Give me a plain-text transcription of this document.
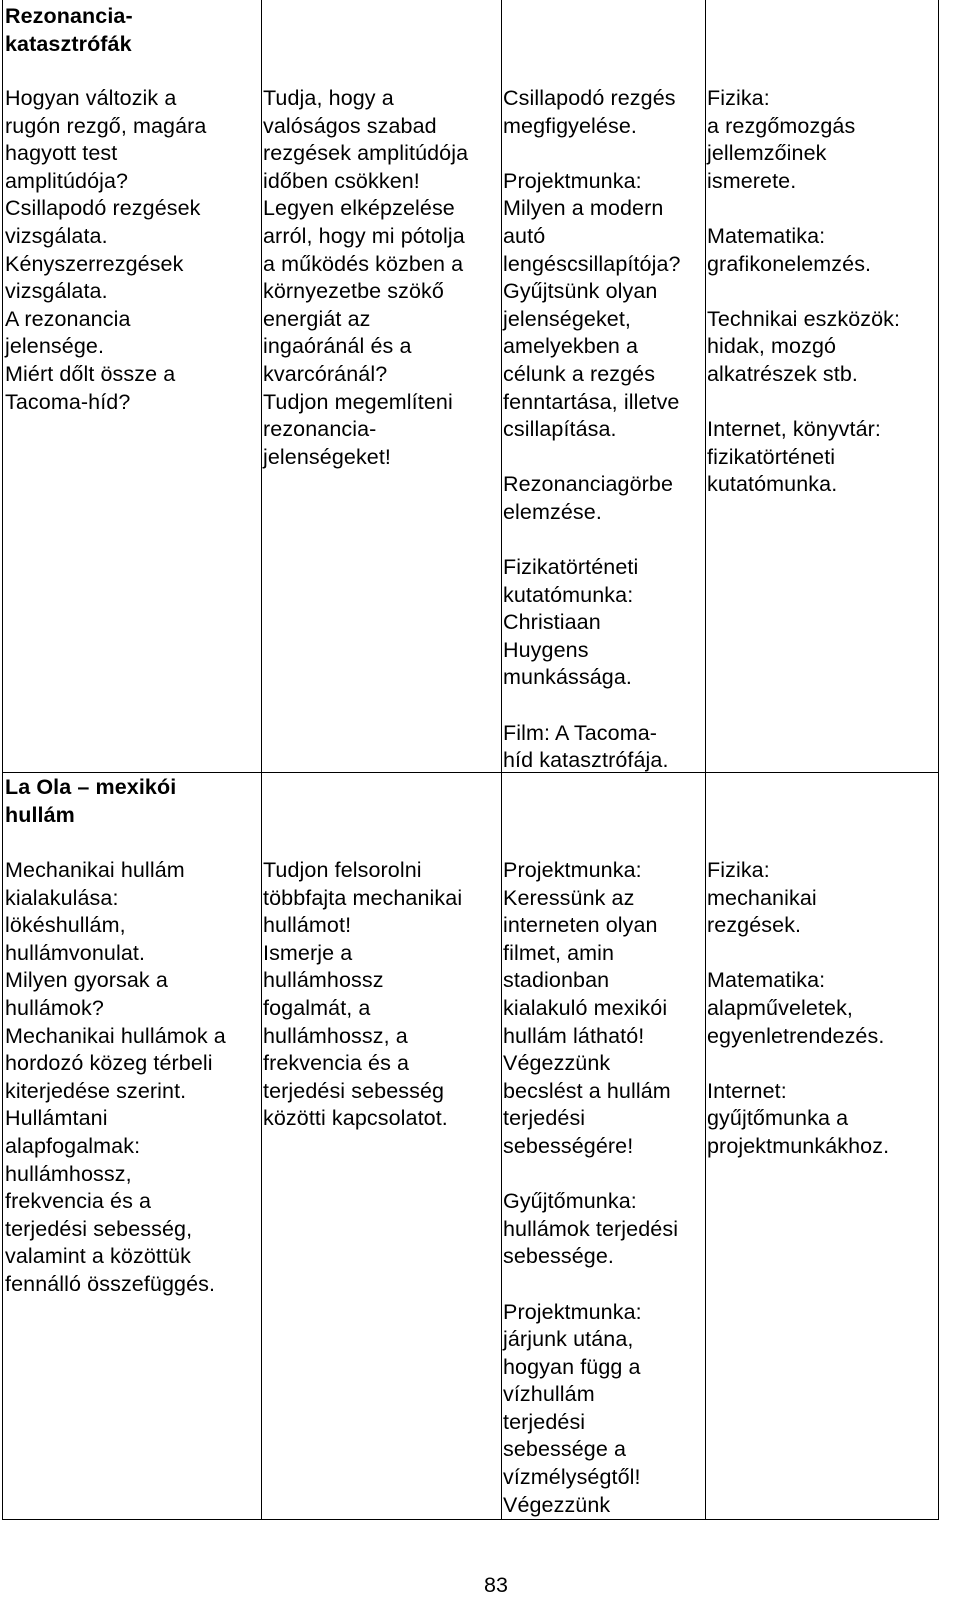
Rezonancia-
katasztrófák
Hogyan változik a
rugón rezgő, magára
hagyott test
amplitúdója?
Csillapodó rezgések
vizsgálata.
Kényszerrezgések
vizsgálata.
A rezonancia
jelensége.
Miért dőlt össze a
Tacoma-híd?
Tudja, hogy a
valóságos szabad
rezgések amplitúdója
időben csökken!
Legyen elképzelése
arról, hogy mi pótolja
a működés közben a
környezetbe szökő
energiát az
ingaóránál és a
kvarcóránál?
Tudjon megemlíteni
rezonancia-
jelenségeket!

Csillapodó rezgés
megfigyelése.

Projektmunka:
Milyen a modern
autó
lengéscsillapítója?
Gyűjtsünk olyan
jelenségeket,
amelyekben a
célunk a rezgés
fenntartása, illetve
csillapítása.

Rezonanciagörbe
elemzése.

Fizikatörténeti
kutatómunka:
Christiaan
Huygens
munkássága.

Film: A Tacoma-
híd katasztrófája.

Fizika:
a rezgőmozgás
jellemzőinek
ismerete.

Matematika:
grafikonelemzés.

Technikai eszközök:
hidak, mozgó
alkatrészek stb.

Internet, könyvtár:
fizikatörténeti
kutatómunka.

La Ola – mexikói
hullám
Mechanikai hullám
kialakulása:
lökéshullám,
hullámvonulat.
Milyen gyorsak a
hullámok?
Mechanikai hullámok a
hordozó közeg térbeli
kiterjedése szerint.
Hullámtani
alapfogalmak:
hullámhossz,
frekvencia és a
terjedési sebesség,
valamint a közöttük
fennálló összefüggés.
Tudjon felsorolni
többfajta mechanikai
hullámot!
Ismerje a
hullámhossz
fogalmát, a
hullámhossz, a
frekvencia és a
terjedési sebesség
közötti kapcsolatot.

Projektmunka:
Keressünk az
interneten olyan
filmet, amin
stadionban
kialakuló mexikói
hullám látható!
Végezzünk
becslést a hullám
terjedési
sebességére!

Gyűjtőmunka:
hullámok terjedési
sebessége.

Projektmunka:
járjunk utána,
hogyan függ a
vízhullám
terjedési
sebessége a
vízmélységtől!
Végezzünk

Fizika:
mechanikai
rezgések.

Matematika:
alapműveletek,
egyenletrendezés.

Internet:
gyűjtőmunka a
projektmunkákhoz.

83
